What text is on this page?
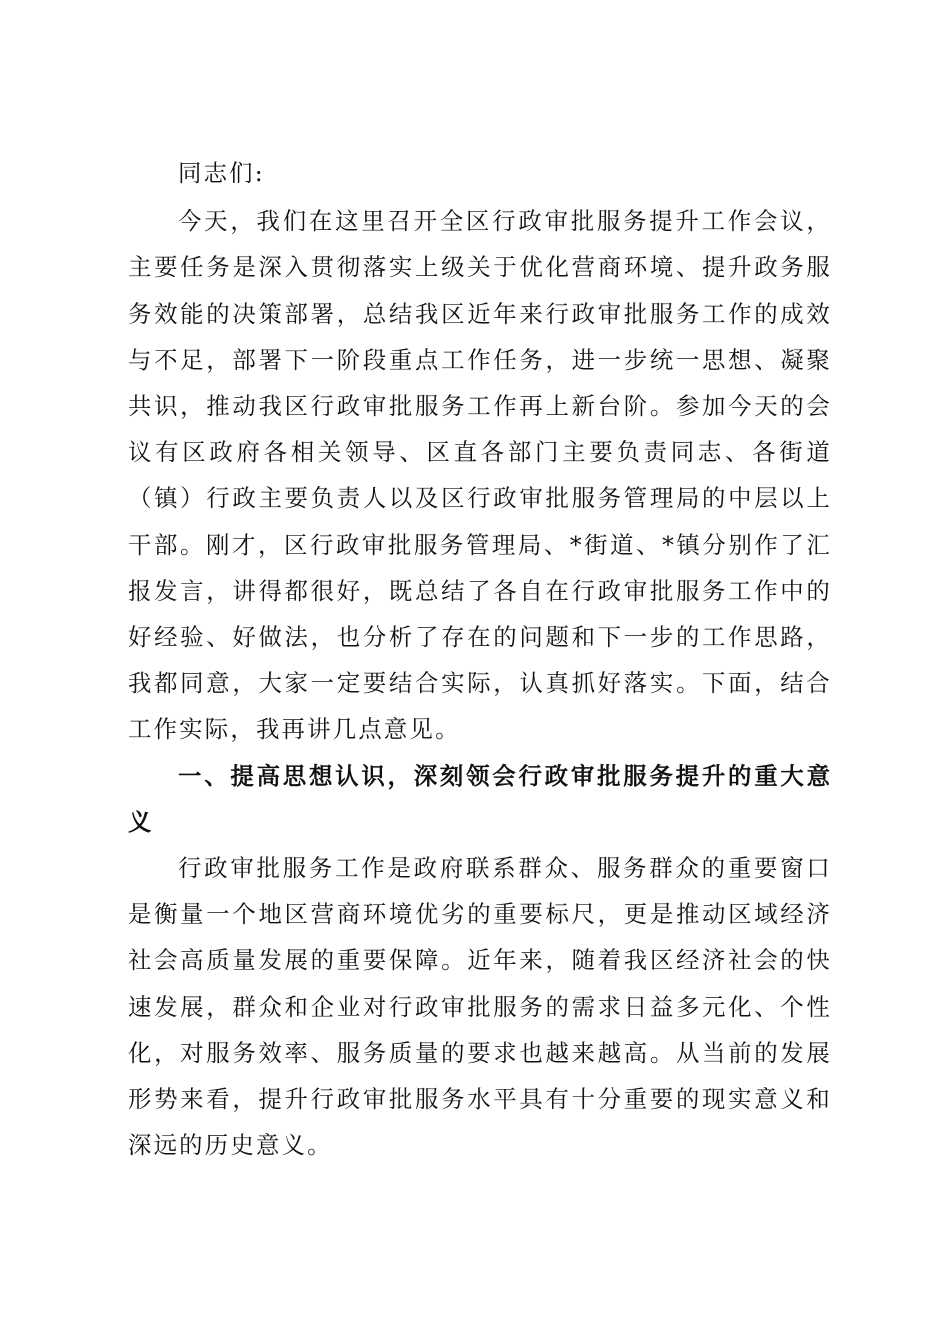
同志们:

今天，我们在这里召开全区行政审批服务提升工作会议，主要任务是深入贯彻落实上级关于优化营商环境、提升政务服务效能的决策部署，总结我区近年来行政审批服务工作的成效与不足，部署下一阶段重点工作任务，进一步统一思想、凝聚共识，推动我区行政审批服务工作再上新台阶。参加今天的会议有区政府各相关领导、区直各部门主要负责同志、各街道（镇）行政主要负责人以及区行政审批服务管理局的中层以上干部。刚才，区行政审批服务管理局、*街道、*镇分别作了汇报发言，讲得都很好，既总结了各自在行政审批服务工作中的好经验、好做法，也分析了存在的问题和下一步的工作思路，我都同意，大家一定要结合实际，认真抓好落实。下面，结合工作实际，我再讲几点意见。

一、提高思想认识，深刻领会行政审批服务提升的重大意义

行政审批服务工作是政府联系群众、服务群众的重要窗口是衡量一个地区营商环境优劣的重要标尺，更是推动区域经济社会高质量发展的重要保障。近年来，随着我区经济社会的快速发展，群众和企业对行政审批服务的需求日益多元化、个性化，对服务效率、服务质量的要求也越来越高。从当前的发展形势来看，提升行政审批服务水平具有十分重要的现实意义和深远的历史意义。
